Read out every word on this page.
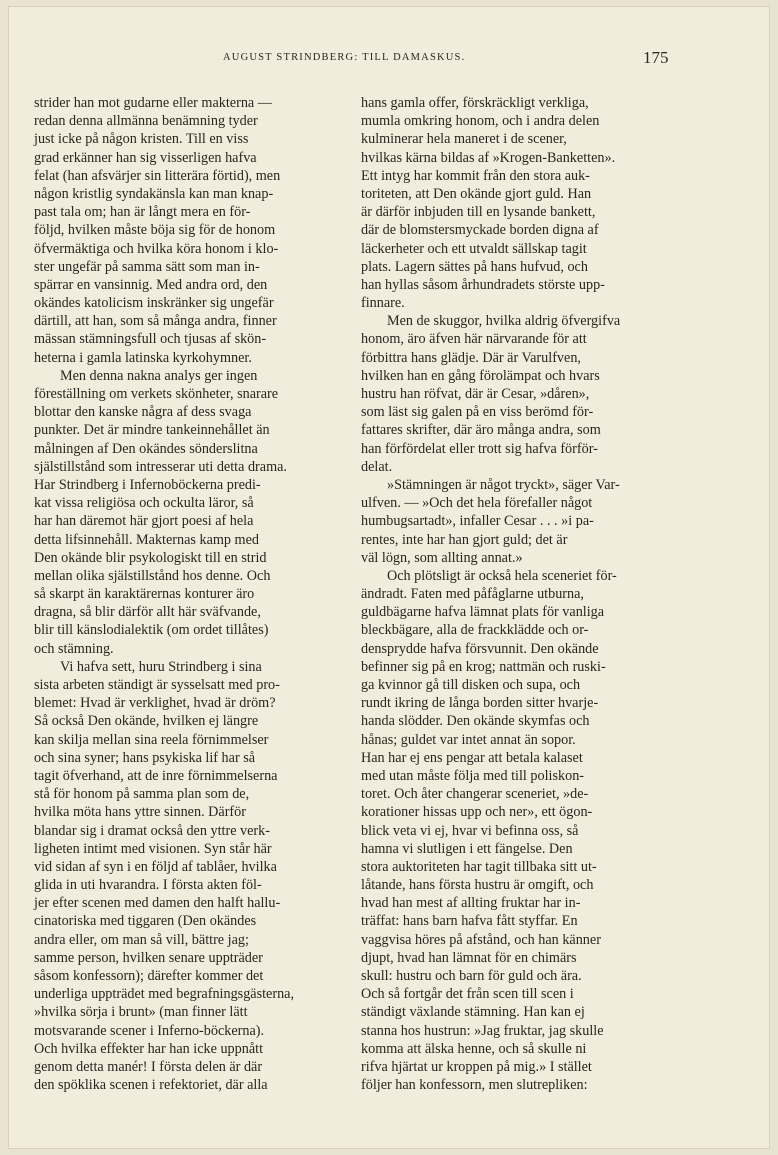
AUGUST STRINDBERG: TILL DAMASKUS.	175
strider han mot gudarne eller makterna —
redan denna allmänna benämning tyder
just icke på någon kristen. Till en viss
grad erkänner han sig visserligen hafva
felat (han afsvärjer sin litterära förtid), men
någon kristlig syndakänsla kan man knap-
past tala om; han är långt mera en för-
följd, hvilken måste böja sig för de honom
öfvermäktiga och hvilka köra honom i klo-
ster ungefär på samma sätt som man in-
spärrar en vansinnig. Med andra ord, den
okändes katolicism inskränker sig ungefär
därtill, att han, som så många andra, finner
mässan stämningsfull och tjusas af skön-
heterna i gamla latinska kyrkohymner.
Men denna nakna analys ger ingen
föreställning om verkets skönheter, snarare
blottar den kanske några af dess svaga
punkter. Det är mindre tankeinnehållet än
målningen af Den okändes sönderslitna
själstillstånd som intresserar uti detta drama.
Har Strindberg i Infernoböckerna predi-
kat vissa religiösa och ockulta läror, så
har han däremot här gjort poesi af hela
detta lifsinnehåll. Makternas kamp med
Den okände blir psykologiskt till en strid
mellan olika själstillstånd hos denne. Och
så skarpt än karaktärernas konturer äro
dragna, så blir därför allt här sväfvande,
blir till känslodialektik (om ordet tillåtes)
och stämning.
Vi hafva sett, huru Strindberg i sina
sista arbeten ständigt är sysselsatt med pro-
blemet: Hvad är verklighet, hvad är dröm?
Så också Den okände, hvilken ej längre
kan skilja mellan sina reela förnimmelser
och sina syner; hans psykiska lif har så
tagit öfverhand, att de inre förnimmelserna
stå för honom på samma plan som de,
hvilka möta hans yttre sinnen. Därför
blandar sig i dramat också den yttre verk-
ligheten intimt med visionen. Syn står här
vid sidan af syn i en följd af tablåer, hvilka
glida in uti hvarandra. I första akten föl-
jer efter scenen med damen den halft hallu-
cinatoriska med tiggaren (Den okändes
andra eller, om man så vill, bättre jag;
samme person, hvilken senare uppträder
såsom konfessorn); därefter kommer det
underliga uppträdet med begrafningsgästerna,
»hvilka sörja i brunt» (man finner lätt
motsvarande scener i Inferno-böckerna).
Och hvilka effekter har han icke uppnått
genom detta manér! I första delen är där
den spöklika scenen i refektoriet, där alla
hans gamla offer, förskräckligt verkliga,
mumla omkring honom, och i andra delen
kulminerar hela maneret i de scener,
hvilkas kärna bildas af »Krogen-Banketten».
Ett intyg har kommit från den stora auk-
toriteten, att Den okände gjort guld. Han
är därför inbjuden till en lysande bankett,
där de blomstersmyckade borden digna af
läckerheter och ett utvaldt sällskap tagit
plats. Lagern sättes på hans hufvud, och
han hyllas såsom århundradets störste upp-
finnare.
Men de skuggor, hvilka aldrig öfvergifva
honom, äro äfven här närvarande för att
förbittra hans glädje. Där är Varulfven,
hvilken han en gång förolämpat och hvars
hustru han röfvat, där är Cesar, »dåren»,
som läst sig galen på en viss berömd för-
fattares skrifter, där äro många andra, som
han förfördelat eller trott sig hafva förför-
delat.
»Stämningen är något tryckt», säger Var-
ulfven. — »Och det hela förefaller något
humbugsartadt», infaller Cesar . . . »i pa-
rentes, inte har han gjort guld; det är
väl lögn, som allting annat.»
Och plötsligt är också hela sceneriet för-
ändradt. Faten med påfåglarne utburna,
guldbägarne hafva lämnat plats för vanliga
bleckbägare, alla de frackklädde och or-
densprydde hafva försvunnit. Den okände
befinner sig på en krog; nattmän och ruski-
ga kvinnor gå till disken och supa, och
rundt ikring de långa borden sitter hvarje-
handa slödder. Den okände skymfas och
hånas; guldet var intet annat än sopor.
Han har ej ens pengar att betala kalaset
med utan måste följa med till poliskon-
toret. Och åter changerar sceneriet, »de-
korationer hissas upp och ner», ett ögon-
blick veta vi ej, hvar vi befinna oss, så
hamna vi slutligen i ett fängelse. Den
stora auktoriteten har tagit tillbaka sitt ut-
låtande, hans första hustru är omgift, och
hvad han mest af allting fruktar har in-
träffat: hans barn hafva fått styffar. En
vaggvisa höres på afstånd, och han känner
djupt, hvad han lämnat för en chimärs
skull: hustru och barn för guld och ära.
Och så fortgår det från scen till scen i
ständigt växlande stämning. Han kan ej
stanna hos hustrun: »Jag fruktar, jag skulle
komma att älska henne, och så skulle ni
rifva hjärtat ur kroppen på mig.» I stället
följer han konfessorn, men slutrepliken:
